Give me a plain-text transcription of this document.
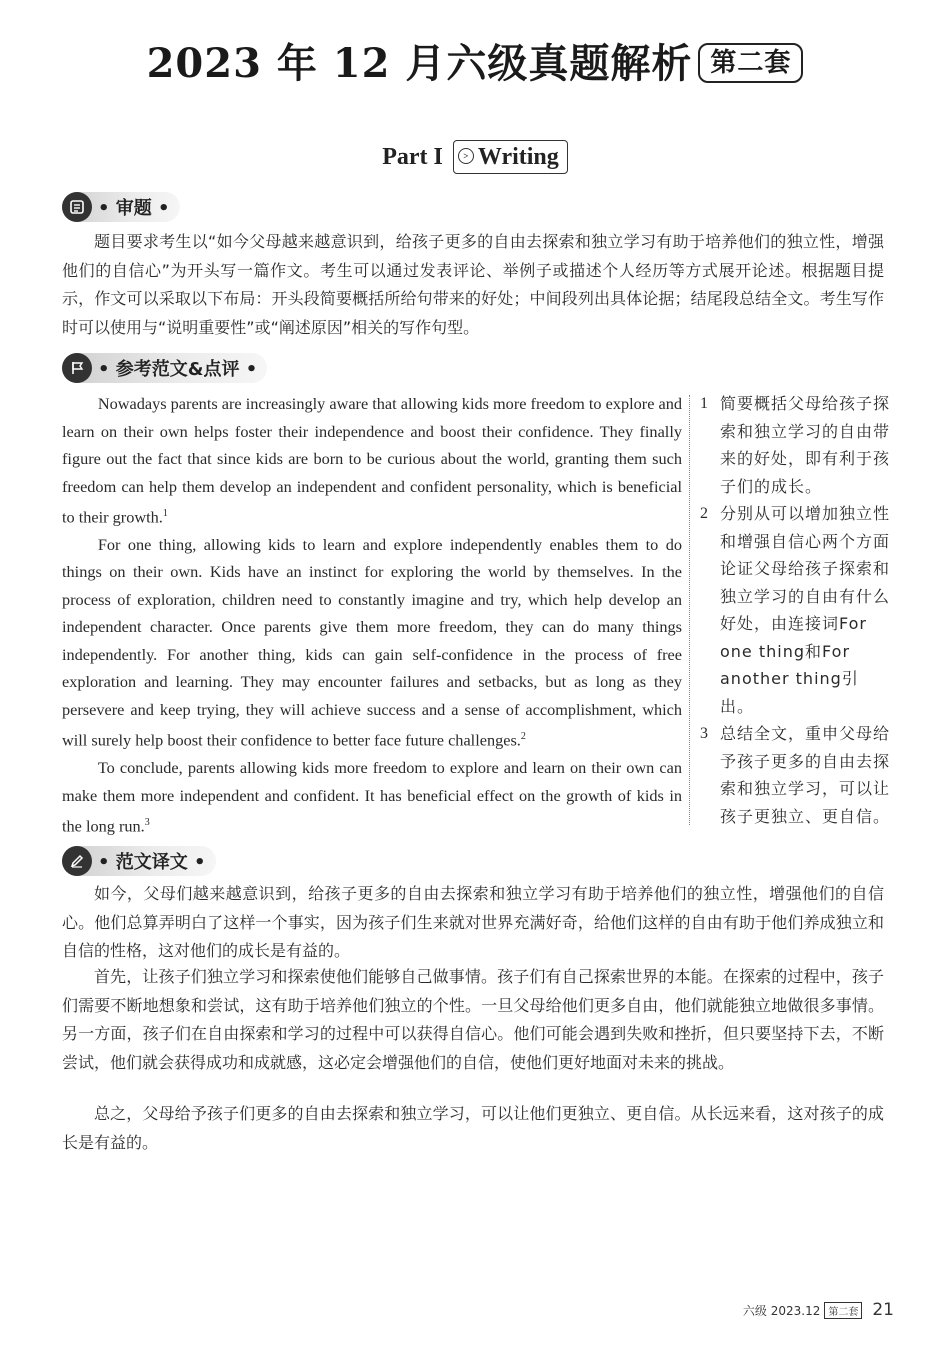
2023 年 12 月六级真题解析 第二套
Part I > Writing
• 审题 •

题目要求考生以“如今父母越来越意识到，给孩子更多的自由去探索和独立学习有助于培养他们的独立性，增强他们的自信心”为开头写一篇作文。考生可以通过发表评论、举例子或描述个人经历等方式展开论述。根据题目提示，作文可以采取以下布局：开头段简要概括所给句带来的好处；中间段列出具体论据；结尾段总结全文。考生写作时可以使用与“说明重要性”或“阐述原因”相关的写作句型。

• 参考范文&点评 •

Nowadays parents are increasingly aware that allowing kids more freedom to explore and learn on their own helps foster their independence and boost their confidence. They finally figure out the fact that since kids are born to be curious about the world, granting them such freedom can help them develop an independent and confident personality, which is beneficial to their growth.$^1$

For one thing, allowing kids to learn and explore independently enables them to do things on their own. Kids have an instinct for exploring the world by themselves. In the process of exploration, children need to constantly imagine and try, which help develop an independent character. Once parents give them more freedom, they can do many things independently. For another thing, kids can gain self-confidence in the process of free exploration and learning. They may encounter failures and setbacks, but as long as they persevere and keep trying, they will achieve success and a sense of accomplishment, which will surely help boost their confidence to better face future challenges.$^2$

To conclude, parents allowing kids more freedom to explore and learn on their own can make them more independent and confident. It has beneficial effect on the growth of kids in the long run.$^3$

1 简要概括父母给孩子探索和独立学习的自由带来的好处，即有利于孩子们的成长。
2 分别从可以增加独立性和增强自信心两个方面论证父母给孩子探索和独立学习的自由有什么好处，由连接词For one thing和For another thing引出。
3 总结全文，重申父母给予孩子更多的自由去探索和独立学习，可以让孩子更独立、更自信。
• 范文译文 •

如今，父母们越来越意识到，给孩子更多的自由去探索和独立学习有助于培养他们的独立性，增强他们的自信心。他们总算弄明白了这样一个事实，因为孩子们生来就对世界充满好奇，给他们这样的自由有助于他们养成独立和自信的性格，这对他们的成长是有益的。

首先，让孩子们独立学习和探索使他们能够自己做事情。孩子们有自己探索世界的本能。在探索的过程中，孩子们需要不断地想象和尝试，这有助于培养他们独立的个性。一旦父母给他们更多自由，他们就能独立地做很多事情。另一方面，孩子们在自由探索和学习的过程中可以获得自信心。他们可能会遇到失败和挫折，但只要坚持下去，不断尝试，他们就会获得成功和成就感，这必定会增强他们的自信，使他们更好地面对未来的挑战。

总之，父母给予孩子们更多的自由去探索和独立学习，可以让他们更独立、更自信。从长远来看，这对孩子的成长是有益的。

六级 2023.12 第二套 21
